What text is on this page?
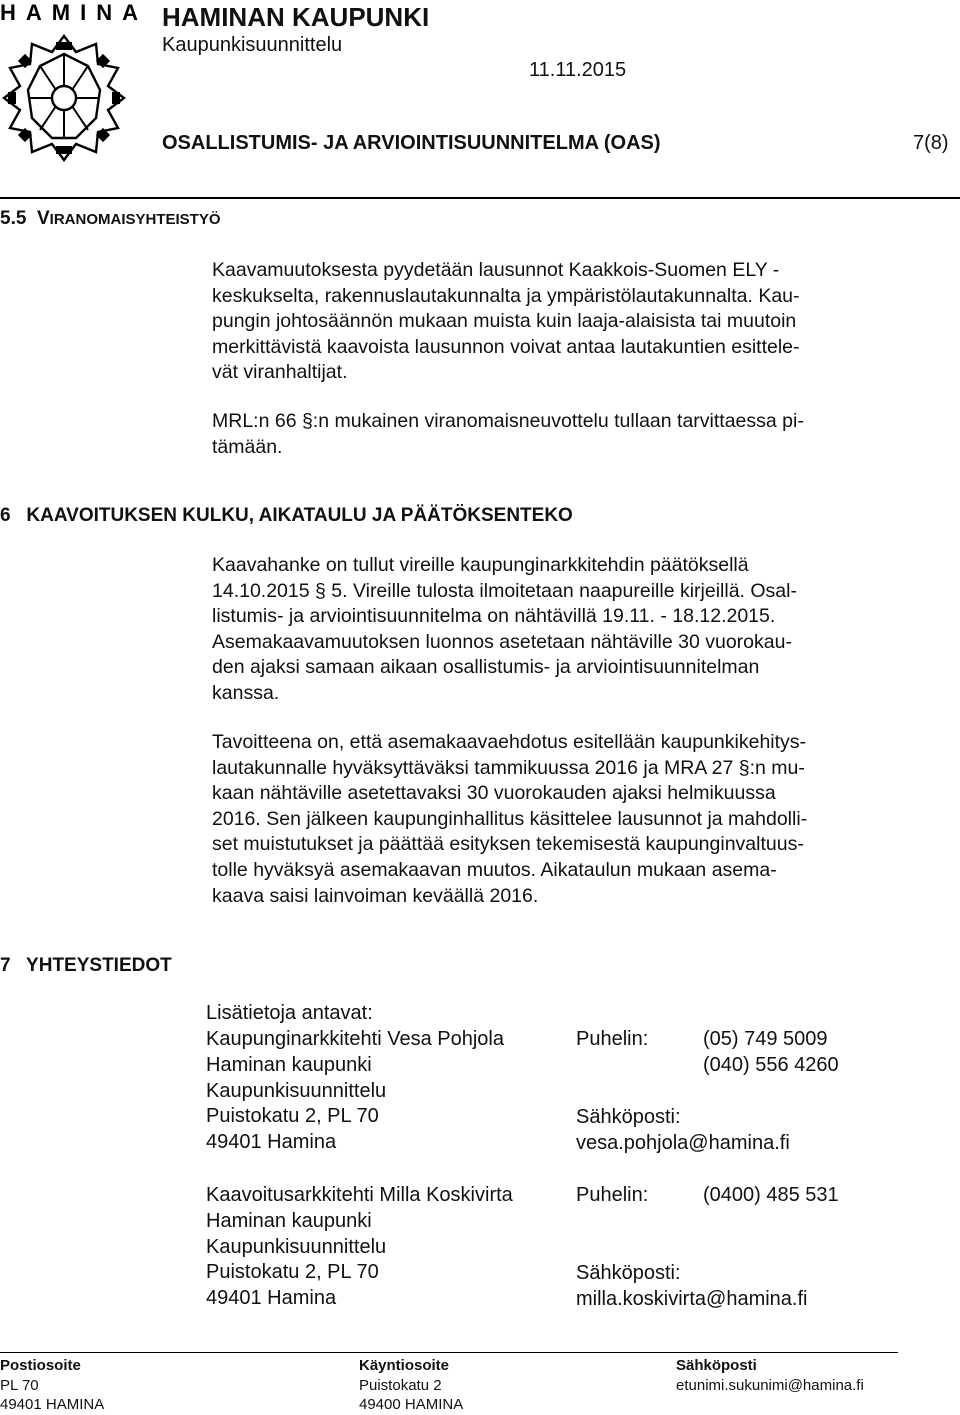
HAMINA HAMINAN KAUPUNKI
Kaupunkisuunnittelu
11.11.2015
OSALLISTUMIS- JA ARVIOINTISUUNNITELMA (OAS)	7(8)
5.5 VIRANOMAISYHTEISTYÖ
Kaavamuutoksesta pyydetään lausunnot Kaakkois-Suomen ELY -
keskukselta, rakennuslautakunnalta ja ympäristölautakunnalta. Kau-
pungin johtosäännön mukaan muista kuin laaja-alaisista tai muutoin
merkittävistä kaavoista lausunnon voivat antaa lautakuntien esittele-
vät viranhaltijat.
MRL:n 66 §:n mukainen viranomaisneuvottelu tullaan tarvittaessa pi-
tämään.
6   KAAVOITUKSEN KULKU, AIKATAULU JA PÄÄTÖKSENTEKO
Kaavahanke on tullut vireille kaupunginarkkitehdin päätöksellä
14.10.2015 § 5. Vireille tulosta ilmoitetaan naapureille kirjeillä. Osal-
listumis- ja arviointisuunnitelma on nähtävillä 19.11. - 18.12.2015.
Asemakaavamuutoksen luonnos asetetaan nähtäville 30 vuorokau-
den ajaksi samaan aikaan osallistumis- ja arviointisuunnitelman
kanssa.
Tavoitteena on, että asemakaavaehdotus esitellään kaupunkikehitys-
lautakunnalle hyväksyttäväksi tammikuussa 2016 ja MRA 27 §:n mu-
kaan nähtäville asetettavaksi 30 vuorokauden ajaksi helmikuussa
2016. Sen jälkeen kaupunginhallitus käsittelee lausunnot ja mahdolli-
set muistutukset ja päättää esityksen tekemisestä kaupunginvaltuus-
tolle hyväksyä asemakaavan muutos. Aikataulun mukaan asema-
kaava saisi lainvoiman keväällä 2016.
7   YHTEYSTIEDOT
Lisätietoja antavat:
Kaupunginarkkitehti Vesa Pohjola
Haminan kaupunki
Kaupunkisuunnittelu
Puistokatu 2, PL 70
49401 Hamina
Puhelin:	(05) 749 5009
(040) 556 4260
Sähköposti:
vesa.pohjola@hamina.fi
Kaavoitusarkkitehti Milla Koskivirta
Haminan kaupunki
Kaupunkisuunnittelu
Puistokatu 2, PL 70
49401 Hamina
Puhelin:	(0400) 485 531
Sähköposti:
milla.koskivirta@hamina.fi
Postiosoite
PL 70
49401 HAMINA
Käyntiosoite
Puistokatu 2
49400 HAMINA
Sähköposti
etunimi.sukunimi@hamina.fi
